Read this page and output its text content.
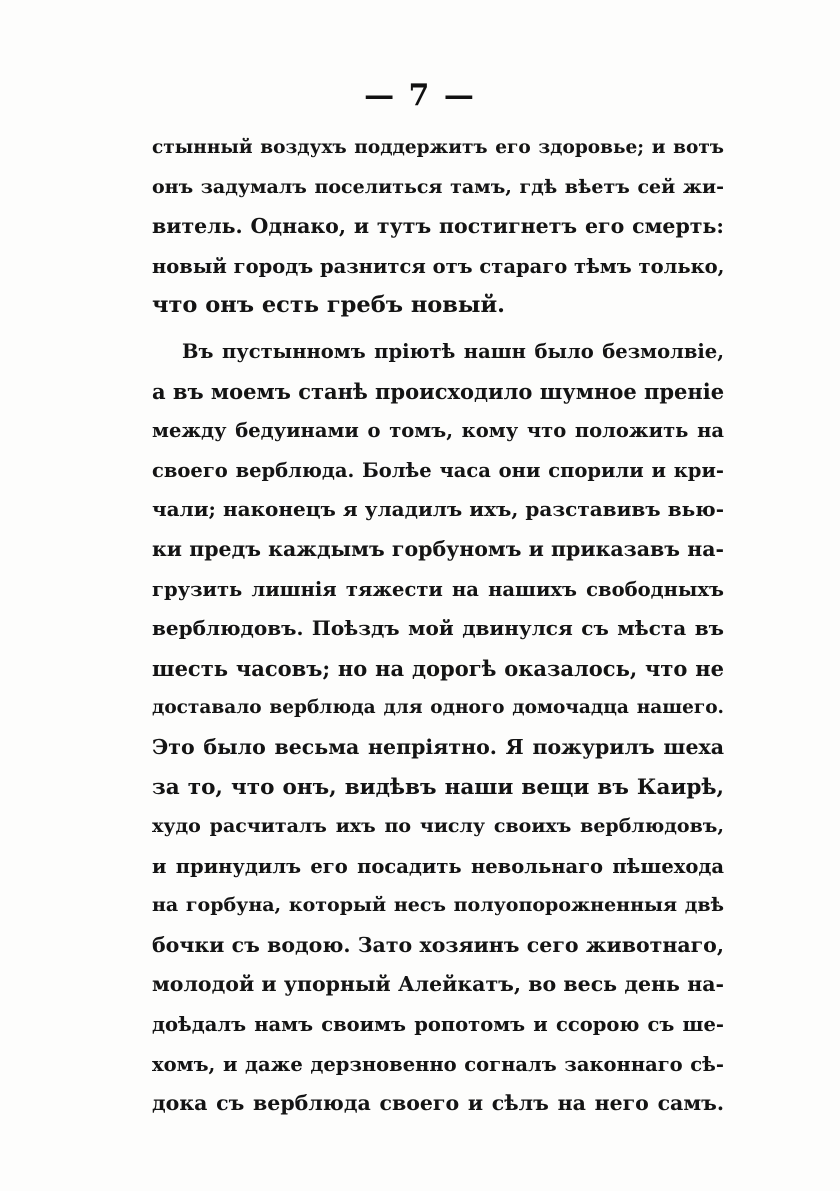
— 7 —
стынный воздухъ поддержитъ его здоровье; и вотъ
онъ задумалъ поселиться тамъ, гдѣ вѣетъ сей жи-
витель. Однако, и тутъ постигнетъ его смерть:
новый городъ разнится отъ стараго тѣмъ только,
что онъ есть гребъ новый.
Въ пустынномъ пріютѣ нашн было безмолвіе,
а въ моемъ станѣ происходило шумное преніе
между бедуинами о томъ, кому что положить на
своего верблюда. Болѣе часа они спорили и кри-
чали; наконецъ я уладилъ ихъ, разставивъ вью-
ки предъ каждымъ горбуномъ и приказавъ на-
грузить лишнія тяжести на нашихъ свободныхъ
верблюдовъ. Поѣздъ мой двинулся съ мѣста въ
шесть часовъ; но на дорогѣ оказалось, что не
доставало верблюда для одного домочадца нашего.
Это было весьма непріятно. Я пожурилъ шеха
за то, что онъ, видѣвъ наши вещи въ Каирѣ,
худо расчиталъ ихъ по числу своихъ верблюдовъ,
и принудилъ его посадить невольнаго пѣшехода
на горбуна, который несъ полуопорожненныя двѣ
бочки съ водою. Зато хозяинъ сего животнаго,
молодой и упорный Алейкатъ, во весь день на-
доѣдалъ намъ своимъ ропотомъ и ссорою съ ше-
хомъ, и даже дерзновенно согналъ законнаго сѣ-
дока съ верблюда своего и сѣлъ на него самъ.
